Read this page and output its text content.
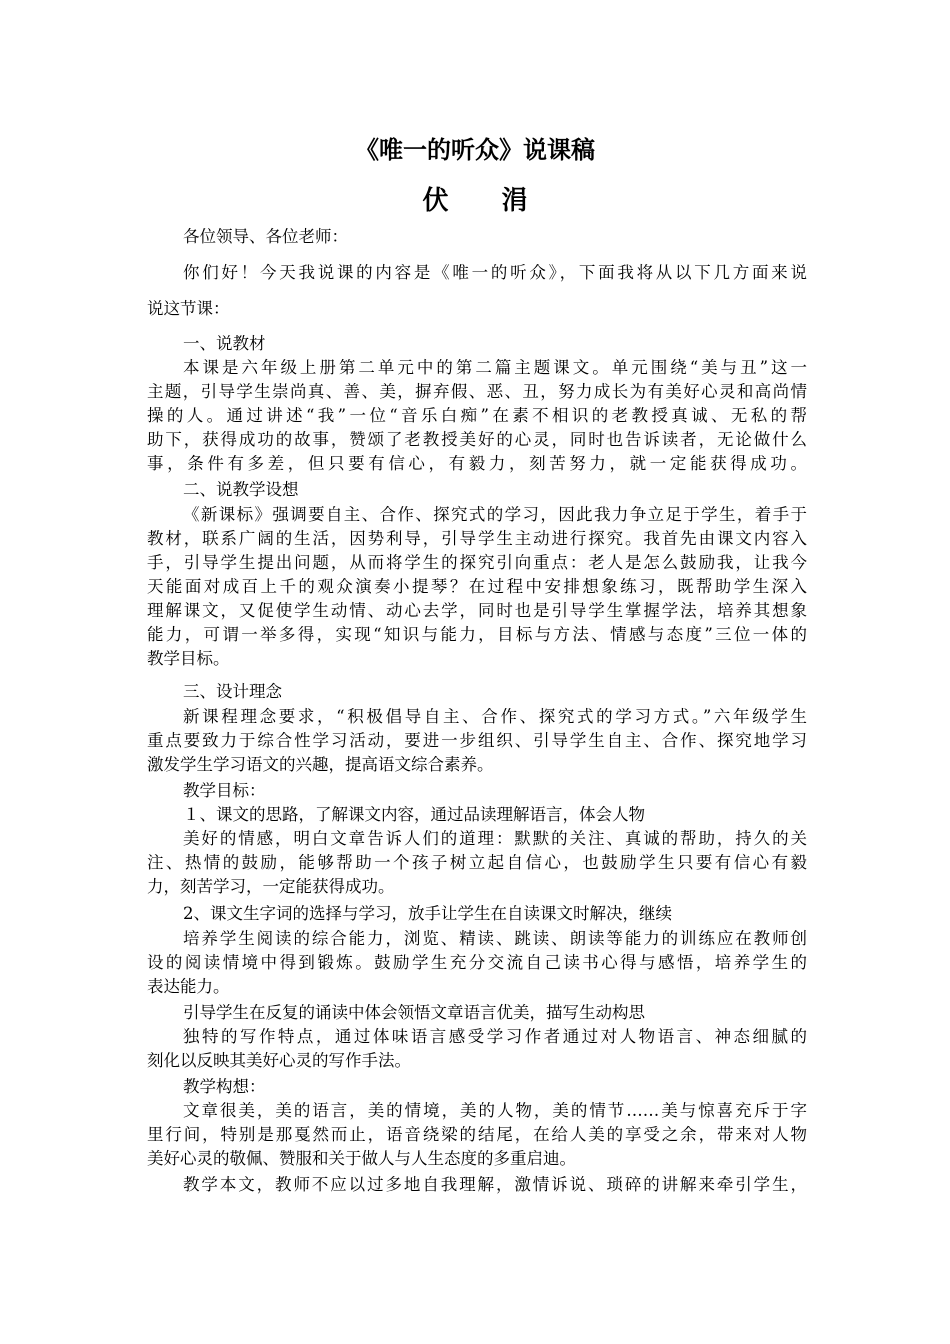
《唯一的听众》说课稿
伏 涓
各位领导、各位老师：
你们好！今天我说课的内容是《唯一的听众》，下面我将从以下几方面来说
说这节课：
一、说教材
本课是六年级上册第二单元中的第二篇主题课文。单元围绕“美与丑”这一
主题，引导学生崇尚真、善、美，摒弃假、恶、丑，努力成长为有美好心灵和高尚情
操的人。通过讲述“我”一位“音乐白痴”在素不相识的老教授真诚、无私的帮
助下，获得成功的故事，赞颂了老教授美好的心灵，同时也告诉读者，无论做什么
事，条件有多差，但只要有信心，有毅力，刻苦努力，就一定能获得成功。
二、说教学设想
《新课标》强调要自主、合作、探究式的学习，因此我力争立足于学生，着手于
教材，联系广阔的生活，因势利导，引导学生主动进行探究。我首先由课文内容入
手，引导学生提出问题，从而将学生的探究引向重点：老人是怎么鼓励我，让我今
天能面对成百上千的观众演奏小提琴？在过程中安排想象练习，既帮助学生深入
理解课文，又促使学生动情、动心去学，同时也是引导学生掌握学法，培养其想象
能力，可谓一举多得，实现“知识与能力，目标与方法、情感与态度”三位一体的
教学目标。
三、设计理念
新课程理念要求，“积极倡导自主、合作、探究式的学习方式。”六年级学生
重点要致力于综合性学习活动，要进一步组织、引导学生自主、合作、探究地学习
激发学生学习语文的兴趣，提高语文综合素养。
教学目标：
１、课文的思路，了解课文内容，通过品读理解语言，体会人物
美好的情感，明白文章告诉人们的道理：默默的关注、真诚的帮助，持久的关
注、热情的鼓励，能够帮助一个孩子树立起自信心，也鼓励学生只要有信心有毅
力，刻苦学习，一定能获得成功。
2、课文生字词的选择与学习，放手让学生在自读课文时解决，继续
培养学生阅读的综合能力，浏览、精读、跳读、朗读等能力的训练应在教师创
设的阅读情境中得到锻炼。鼓励学生充分交流自己读书心得与感悟，培养学生的
表达能力。
引导学生在反复的诵读中体会领悟文章语言优美，描写生动构思
独特的写作特点，通过体味语言感受学习作者通过对人物语言、神态细腻的
刻化以反映其美好心灵的写作手法。
教学构想：
文章很美，美的语言，美的情境，美的人物，美的情节……美与惊喜充斥于字
里行间，特别是那戛然而止，语音绕梁的结尾，在给人美的享受之余，带来对人物
美好心灵的敬佩、赞服和关于做人与人生态度的多重启迪。
教学本文，教师不应以过多地自我理解，激情诉说、琐碎的讲解来牵引学生，
